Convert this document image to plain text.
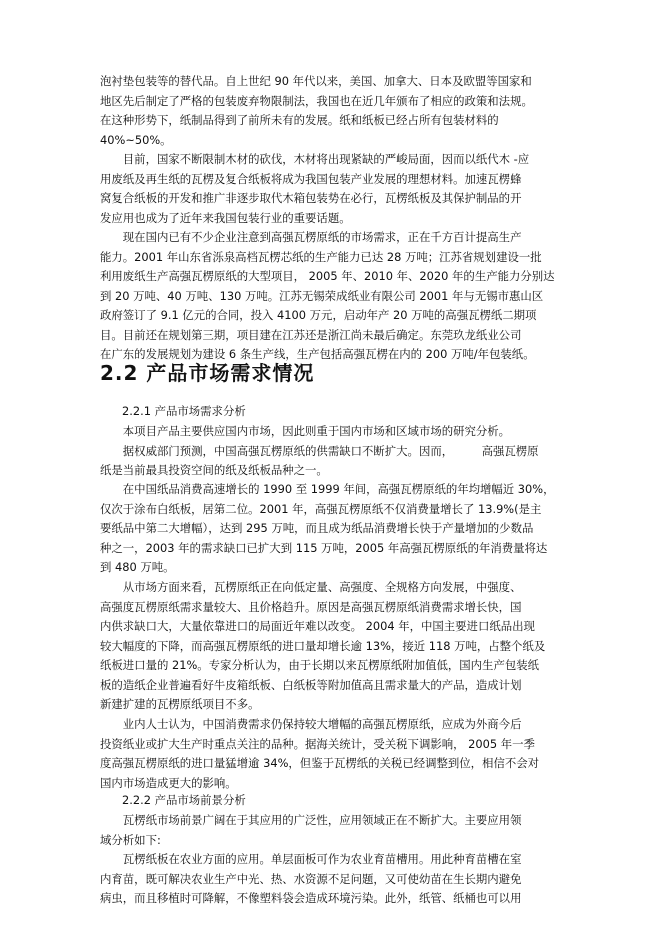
泡衬垫包装等的替代品。自上世纪 90 年代以来，美国、加拿大、日本及欧盟等国家和
地区先后制定了严格的包装废弃物限制法，我国也在近几年颁布了相应的政策和法规。
在这种形势下，纸制品得到了前所未有的发展。纸和纸板已经占所有包装材料的
40%~50%。
　　目前，国家不断限制木材的砍伐，木材将出现紧缺的严峻局面，因而以纸代木 -应
用废纸及再生纸的瓦楞及复合纸板将成为我国包装产业发展的理想材料。加速瓦楞蜂
窝复合纸板的开发和推广非逐步取代木箱包装势在必行，瓦楞纸板及其保护制品的开
发应用也成为了近年来我国包装行业的重要话题。
　　现在国内已有不少企业注意到高强瓦楞原纸的市场需求，正在千方百计提高生产
能力。2001 年山东省泺泉高档瓦楞芯纸的生产能力已达 28 万吨；江苏省规划建设一批
利用废纸生产高强瓦楞原纸的大型项目， 2005 年、2010 年、2020 年的生产能力分别达
到 20 万吨、40 万吨、130 万吨。江苏无锡荣成纸业有限公司 2001 年与无锡市惠山区
政府签订了 9.1 亿元的合同，投入 4100 万元，启动年产 20 万吨的高强瓦楞纸二期项
目。目前还在规划第三期，项目建在江苏还是浙江尚未最后确定。东莞玖龙纸业公司
在广东的发展规划为建设 6 条生产线，生产包括高强瓦楞在内的 200 万吨/年包装纸。
2.2 产品市场需求情况
2.2.1 产品市场需求分析
　　本项目产品主要供应国内市场，因此则重于国内市场和区域市场的研究分析。
　　据权威部门预测，中国高强瓦楞原纸的供需缺口不断扩大。因而，　　　高强瓦楞原
纸是当前最具投资空间的纸及纸板品种之一。
　　在中国纸品消费高速增长的 1990 至 1999 年间，高强瓦楞原纸的年均增幅近 30%，
仅次于涂布白纸板，居第二位。2001 年，高强瓦楞原纸不仅消费量增长了 13.9%(是主
要纸品中第二大增幅），达到 295 万吨，而且成为纸品消费增长快于产量增加的少数品
种之一，2003 年的需求缺口已扩大到 115 万吨，2005 年高强瓦楞原纸的年消费量将达
到 480 万吨。
　　从市场方面来看，瓦楞原纸正在向低定量、高强度、全规格方向发展，中强度、
高强度瓦楞原纸需求量较大、且价格趋升。原因是高强瓦楞原纸消费需求增长快，国
内供求缺口大，大量依靠进口的局面近年难以改变。 2004 年，中国主要进口纸品出现
较大幅度的下降，而高强瓦楞原纸的进口量却增长逾 13%，接近 118 万吨，占整个纸及
纸板进口量的 21%。专家分析认为，由于长期以来瓦楞原纸附加值低，国内生产包装纸
板的造纸企业普遍看好牛皮箱纸板、白纸板等附加值高且需求量大的产品，造成计划
新建扩建的瓦楞原纸项目不多。
　　业内人士认为，中国消费需求仍保持较大增幅的高强瓦楞原纸，应成为外商今后
投资纸业或扩大生产时重点关注的品种。据海关统计，受关税下调影响， 2005 年一季
度高强瓦楞原纸的进口量猛增逾 34%，但鉴于瓦楞纸的关税已经调整到位，相信不会对
国内市场造成更大的影响。
2.2.2 产品市场前景分析
　　瓦楞纸市场前景广阔在于其应用的广泛性，应用领域正在不断扩大。主要应用领
域分析如下:
　　瓦楞纸板在农业方面的应用。单层面板可作为农业育苗槽用。用此种育苗槽在室
内育苗，既可解决农业生产中光、热、水资源不足问题，又可使幼苗在生长期内避免
病虫，而且移植时可降解，不像塑料袋会造成环境污染。此外，纸管、纸桶也可以用
